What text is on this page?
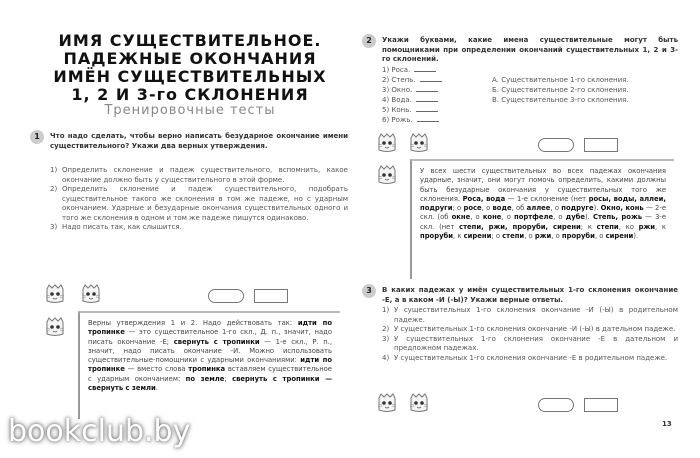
ИМЯ СУЩЕСТВИТЕЛЬНОЕ.
ПАДЕЖНЫЕ ОКОНЧАНИЯ
ИМЁН СУЩЕСТВИТЕЛЬНЫХ
1, 2 И 3-го СКЛОНЕНИЯ
Тренировочные тесты
1	Что надо сделать, чтобы верно написать безударное окончание имени существительного? Укажи два верных утверждения.
1) Определить склонение и падеж существительного, вспомнить, какое окончание должно быть у существительного в этой форме.
2) Определить склонение и падеж существительного, подобрать существительное такого же склонения в том же падеже, но с ударным окончанием. Ударные и безударные окончания существительных одного и того же склонения в одном и том же падеже пишутся одинаково.
3) Надо писать так, как слышится.
Верны утверждения 1 и 2. Надо действовать так: идти по тропинке — это существительное 1-го скл., Д. п., значит, надо писать окончание -Е; свернуть с тропинки — 1-е скл., Р. п., значит, надо писать окончание -И. Можно использовать существительные-помощники с ударными окончаниями: идти по тропинке — вместо слова тропинка вставляем существительное с ударным окончанием: по земле; свернуть с тропинки — свернуть с земли.
2	Укажи буквами, какие имена существительные могут быть помощниками при определении окончаний существительных 1, 2 и 3-го склонений.
1) Роса.
2) Степь.
3) Окно.
4) Вода.
5) Конь.
6) Рожь.
А. Существительное 1-го склонения.
Б. Существительное 2-го склонения.
В. Существительное 3-го склонения.
У всех шести существительных во всех падежах окончания ударные, значит, они могут помочь определить, какими должны быть безударные окончания у существительных того же склонения. Роса, вода — 1-е склонение (нет росы, воды, аллеи, подруги; о росе, о воде, об аллее, о подруге). Окно, конь — 2-е скл. (об окне, о коне, о портфеле, о дубе). Степь, рожь — 3-е скл. (нет степи, ржи, проруби, сирени; к степи, ко ржи, к проруби, к сирени; о степи, о ржи, о проруби, о сирени).
3	В каких падежах у имён существительных 1-го склонения окончание -Е, а в каком -И (-Ы)? Укажи верные ответы.
1) У существительных 1-го склонения окончание -И (-Ы) в родительном падеже.
2) У существительных 1-го склонения окончание -И (-Ы) в дательном падеже.
3) У существительных 1-го склонения окончание -Е в дательном и предложном падежах.
4) У существительных 1-го склонения окончание -Е в родительном падеже.
13
bookclub.by
